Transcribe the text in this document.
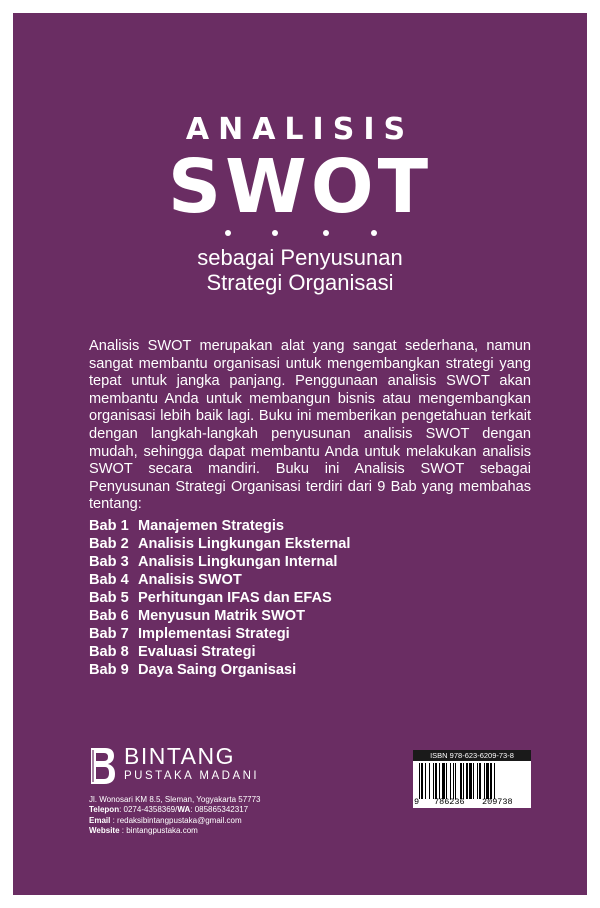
ANALISIS
SWOT
sebagai Penyusunan
Strategi Organisasi
Analisis SWOT merupakan alat yang sangat sederhana, namun sangat membantu organisasi untuk mengembangkan strategi yang tepat untuk jangka panjang. Penggunaan analisis SWOT akan membantu Anda untuk membangun bisnis atau mengembangkan organisasi lebih baik lagi. Buku ini memberikan pengetahuan terkait dengan langkah-langkah penyusunan analisis SWOT dengan mudah, sehingga dapat membantu Anda untuk melakukan analisis SWOT secara mandiri. Buku ini Analisis SWOT sebagai Penyusunan Strategi Organisasi terdiri dari 9 Bab yang membahas tentang:
Bab 1 Manajemen Strategis
Bab 2 Analisis Lingkungan Eksternal
Bab 3 Analisis Lingkungan Internal
Bab 4 Analisis SWOT
Bab 5 Perhitungan IFAS dan EFAS
Bab 6 Menyusun Matrik SWOT
Bab 7 Implementasi Strategi
Bab 8 Evaluasi Strategi
Bab 9 Daya Saing Organisasi
BINTANG
PUSTAKA MADANI
Jl. Wonosari KM 8.5, Sleman, Yogyakarta 57773
Telepon: 0274-4358369/WA: 085865342317
Email : redaksibintangpustaka@gmail.com
Website : bintangpustaka.com
ISBN 978-623-6209-73-8
9 786236 209738
